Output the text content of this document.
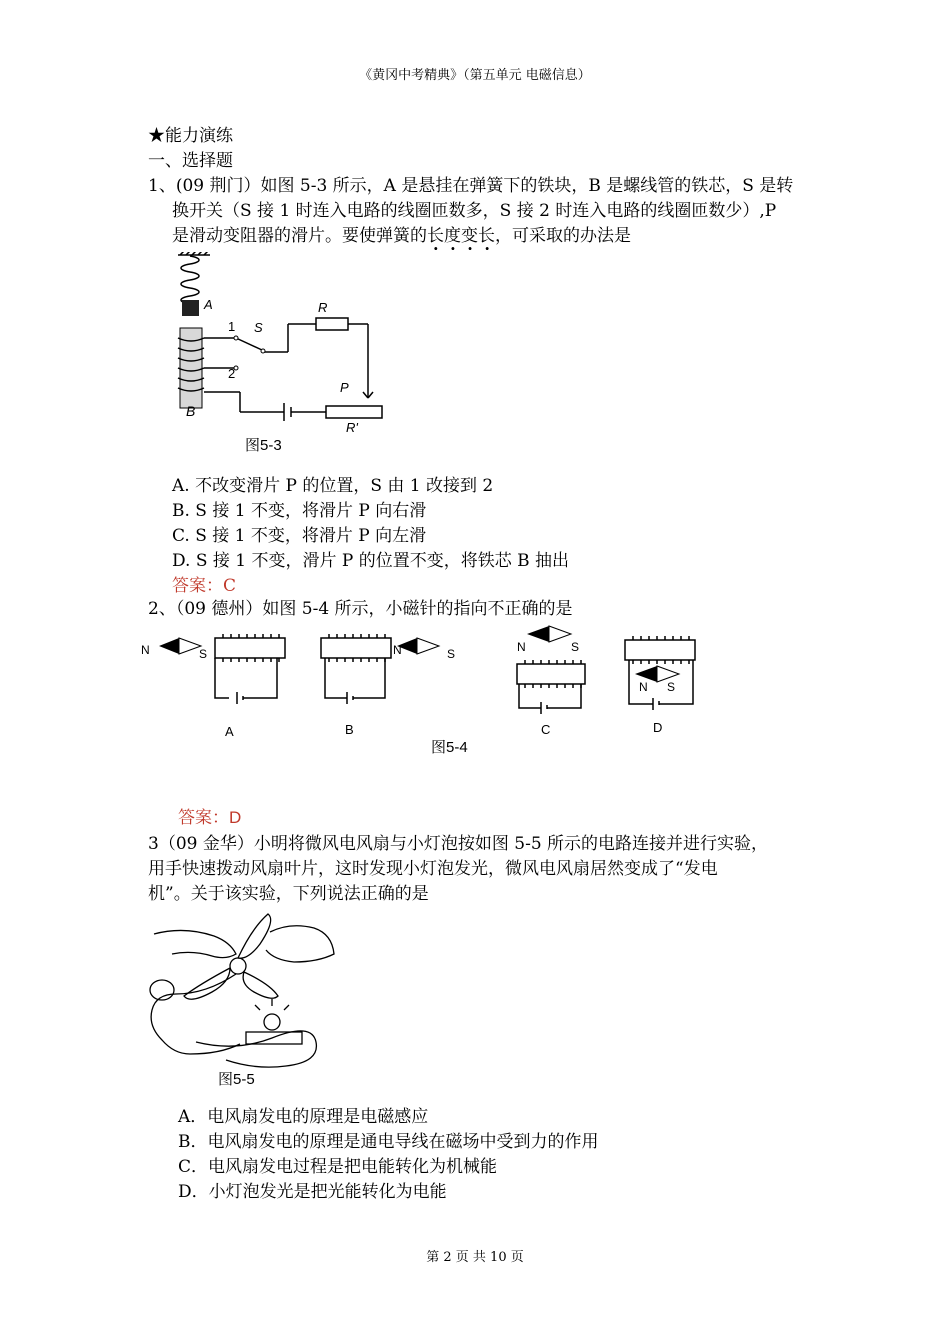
《黄冈中考精典》（第五单元 电磁信息）
★能力演练
一、选择题
1、(09 荆门）如图 5-3 所示，A 是悬挂在弹簧下的铁块，B 是螺线管的铁芯，S 是转
换开关（S 接 1 时连入电路的线圈匝数多，S 接 2 时连入电路的线圈匝数少）,P
是滑动变阻器的滑片。要使弹簧的长度变长 · · · ·，可采取的办法是
A
1
2
S
R
P
R'
B
图5-3
A. 不改变滑片 P 的位置，S 由 1 改接到 2
B. S 接 1 不变，将滑片 P 向右滑
C. S 接 1 不变，将滑片 P 向左滑
D. S 接 1 不变，滑片 P 的位置不变，将铁芯 B 抽出
答案：C
2、（09 德州）如图 5-4 所示，小磁针的指向不正确的是
N	S	N	S	N	S
N S
A	B	C	D
图5-4
答案：D
3（09 金华）小明将微风电风扇与小灯泡按如图 5-5 所示的电路连接并进行实验，
用手快速拨动风扇叶片，这时发现小灯泡发光，微风电风扇居然变成了“发电
机”。关于该实验，下列说法正确的是
图5-5
A．电风扇发电的原理是电磁感应
B．电风扇发电的原理是通电导线在磁场中受到力的作用
C．电风扇发电过程是把电能转化为机械能
D．小灯泡发光是把光能转化为电能
第 2 页 共 10 页
